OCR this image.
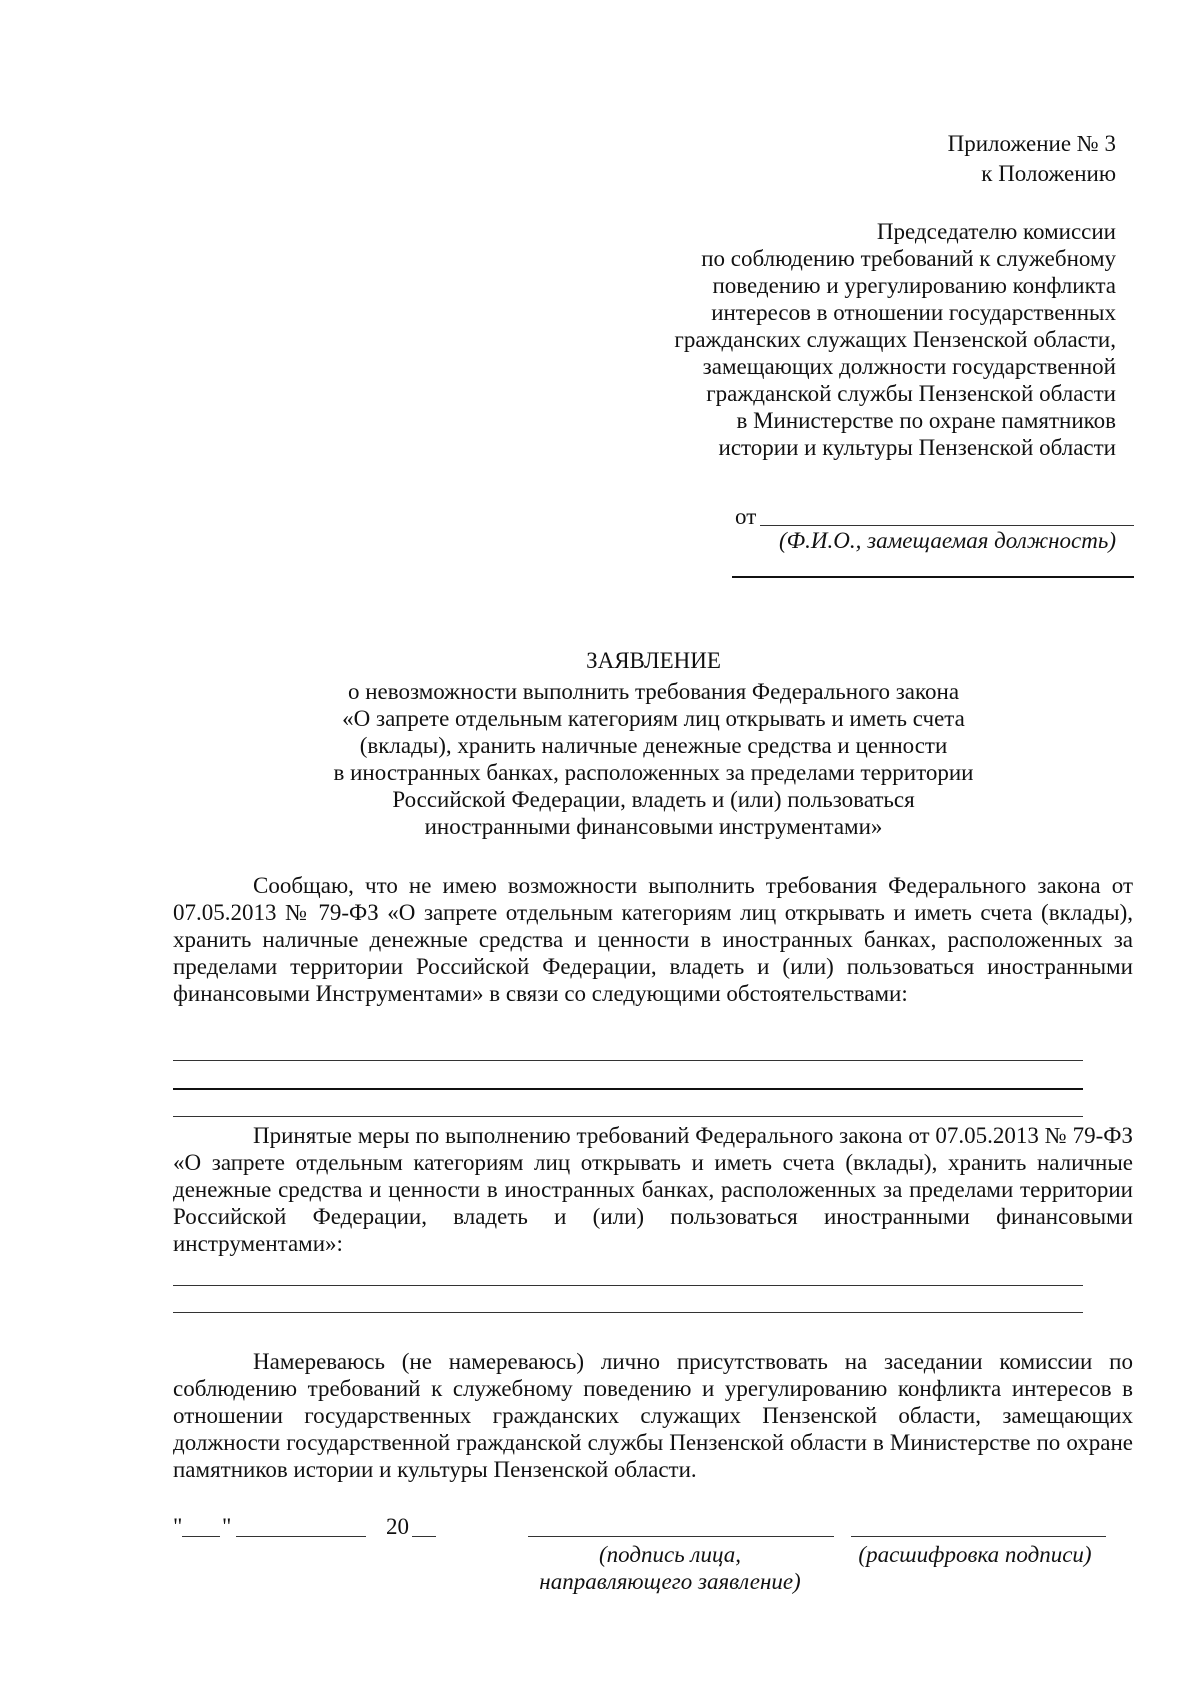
Приложение № 3
к Положению
Председателю комиссии
по соблюдению требований к служебному
поведению и урегулированию конфликта
интересов в отношении государственных
гражданских служащих Пензенской области,
замещающих должности государственной
гражданской службы Пензенской области
в Министерстве по охране памятников
истории и культуры Пензенской области
от
(Ф.И.О., замещаемая должность)
ЗАЯВЛЕНИЕ
о невозможности выполнить требования Федерального закона
«О запрете отдельным категориям лиц открывать и иметь счета
(вклады), хранить наличные денежные средства и ценности
в иностранных банках, расположенных за пределами территории
Российской Федерации, владеть и (или) пользоваться
иностранными финансовыми инструментами»

Сообщаю, что не имею возможности выполнить требования Федерального закона от 07.05.2013 № 79-ФЗ «О запрете отдельным категориям лиц открывать и иметь счета (вклады), хранить наличные денежные средства и ценности в иностранных банках, расположенных за пределами территории Российской Федерации, владеть и (или) пользоваться иностранными финансовыми Инструментами» в связи со следующими обстоятельствами:

Принятые меры по выполнению требований Федерального закона от 07.05.2013 № 79-ФЗ «О запрете отдельным категориям лиц открывать и иметь счета (вклады), хранить наличные денежные средства и ценности в иностранных банках, расположенных за пределами территории Российской Федерации, владеть и (или) пользоваться иностранными финансовыми инструментами»:

Намереваюсь (не намереваюсь) лично присутствовать на заседании комиссии по соблюдению требований к служебному поведению и урегулированию конфликта интересов в отношении государственных гражданских служащих Пензенской области, замещающих должности государственной гражданской службы Пензенской области в Министерстве по охране памятников истории и культуры Пензенской области.

" "	20
(подпись лица,
направляющего заявление)
(расшифровка подписи)
